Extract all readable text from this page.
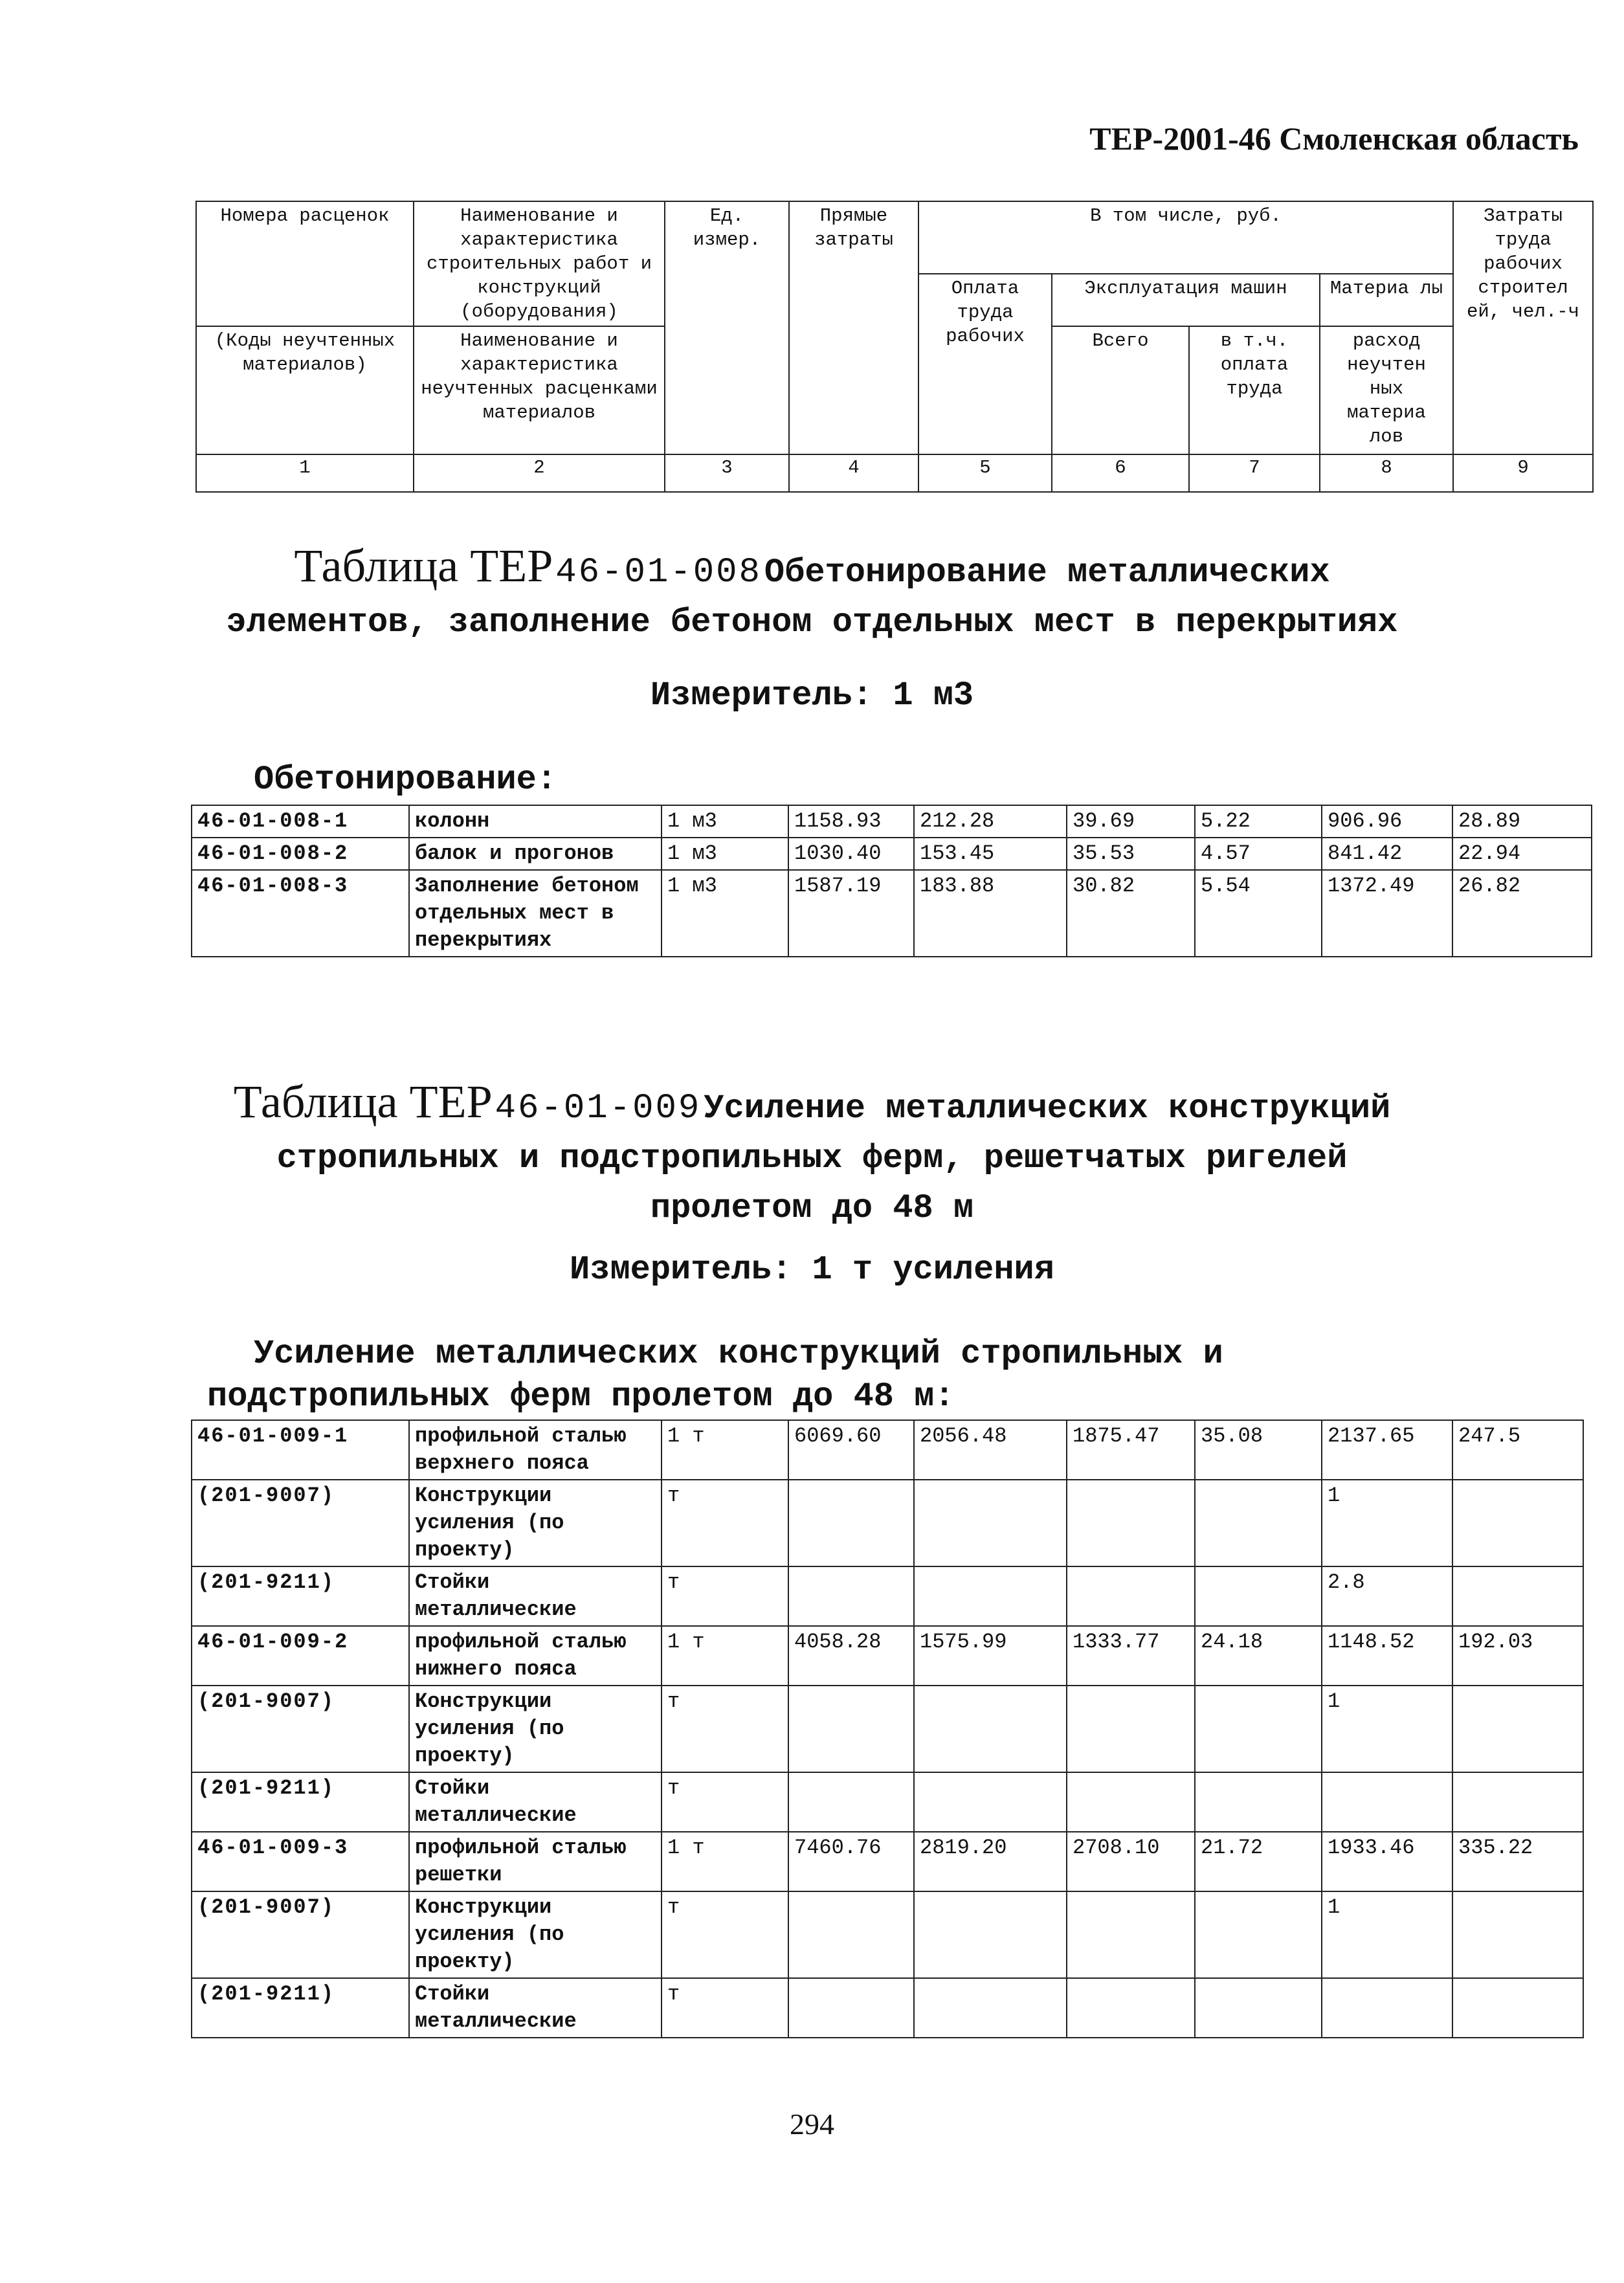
ТЕР-2001-46 Смоленская область
Номера расценок	Наименование и характеристика строительных работ и конструкций (оборудования)	Ед. измер.	Прямые затраты	В том числе, руб.				Затраты труда рабочих строител ей, чел.-ч
				Оплата труда рабочих	Эксплуатация машин		Материа лы	
(Коды неучтенных материалов)	Наименование и характеристика неучтенных расценками материалов				Всего	в т.ч. оплата труда	расход неучтен ных материа лов	
1	2	3	4	5	6	7	8	9
Таблица ТЕР 46-01-008 Обетонирование металлических
элементов, заполнение бетоном отдельных мест в перекрытиях
Измеритель: 1 м3
Обетонирование:
46-01-008-1	колонн	1 м3	1158.93	212.28	39.69	5.22	906.96	28.89
46-01-008-2	балок и прогонов	1 м3	1030.40	153.45	35.53	4.57	841.42	22.94
46-01-008-3	Заполнение бетоном отдельных мест в перекрытиях	1 м3	1587.19	183.88	30.82	5.54	1372.49	26.82
Таблица ТЕР 46-01-009 Усиление металлических конструкций
стропильных и подстропильных ферм, решетчатых ригелей
пролетом до 48 м
Измеритель: 1 т усиления
Усиление металлических конструкций стропильных и
подстропильных ферм пролетом до 48 м:
46-01-009-1	профильной сталью верхнего пояса	1 т	6069.60	2056.48	1875.47	35.08	2137.65	247.5
(201-9007)	Конструкции усиления (по проекту)	т					1	
(201-9211)	Стойки металлические	т					2.8	
46-01-009-2	профильной сталью нижнего пояса	1 т	4058.28	1575.99	1333.77	24.18	1148.52	192.03
(201-9007)	Конструкции усиления (по проекту)	т					1	
(201-9211)	Стойки металлические	т						
46-01-009-3	профильной сталью решетки	1 т	7460.76	2819.20	2708.10	21.72	1933.46	335.22
(201-9007)	Конструкции усиления (по проекту)	т					1	
(201-9211)	Стойки металлические	т						
294
